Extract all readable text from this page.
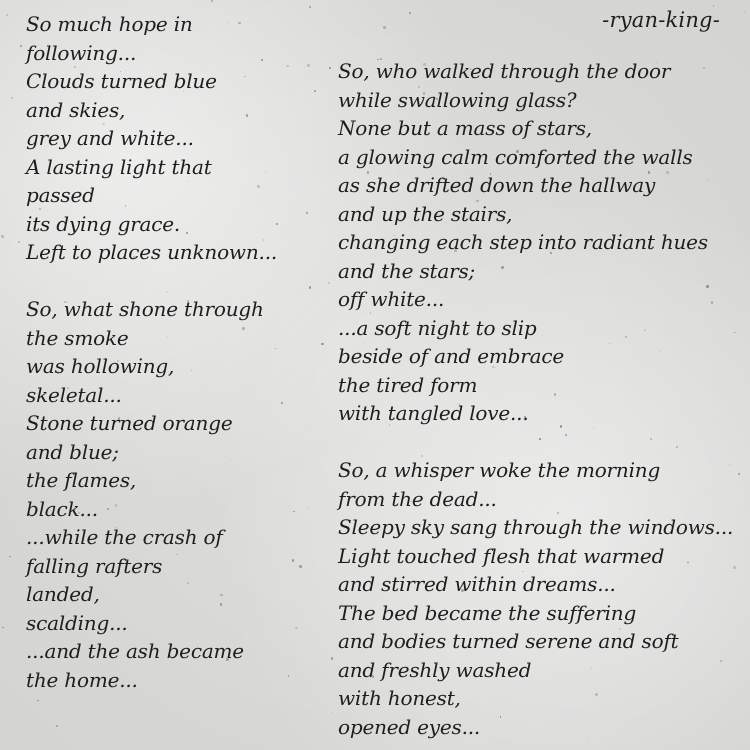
-ryan-king-
So much hope in
following...
Clouds turned blue
and skies,
grey and white...
A lasting light that
passed
its dying grace.
Left to places unknown...
So, what shone through
the smoke
was hollowing,
skeletal...
Stone turned orange
and blue;
the flames,
black...
...while the crash of
falling rafters
landed,
scalding...
...and the ash became
the home...
So, who walked through the door
while swallowing glass?
None but a mass of stars,
a glowing calm comforted the walls
as she drifted down the hallway
and up the stairs,
changing each step into radiant hues
and the stars;
off white...
...a soft night to slip
beside of and embrace
the tired form
with tangled love...
So, a whisper woke the morning
from the dead...
Sleepy sky sang through the windows...
Light touched flesh that warmed
and stirred within dreams...
The bed became the suffering
and bodies turned serene and soft
and freshly washed
with honest,
opened eyes...
